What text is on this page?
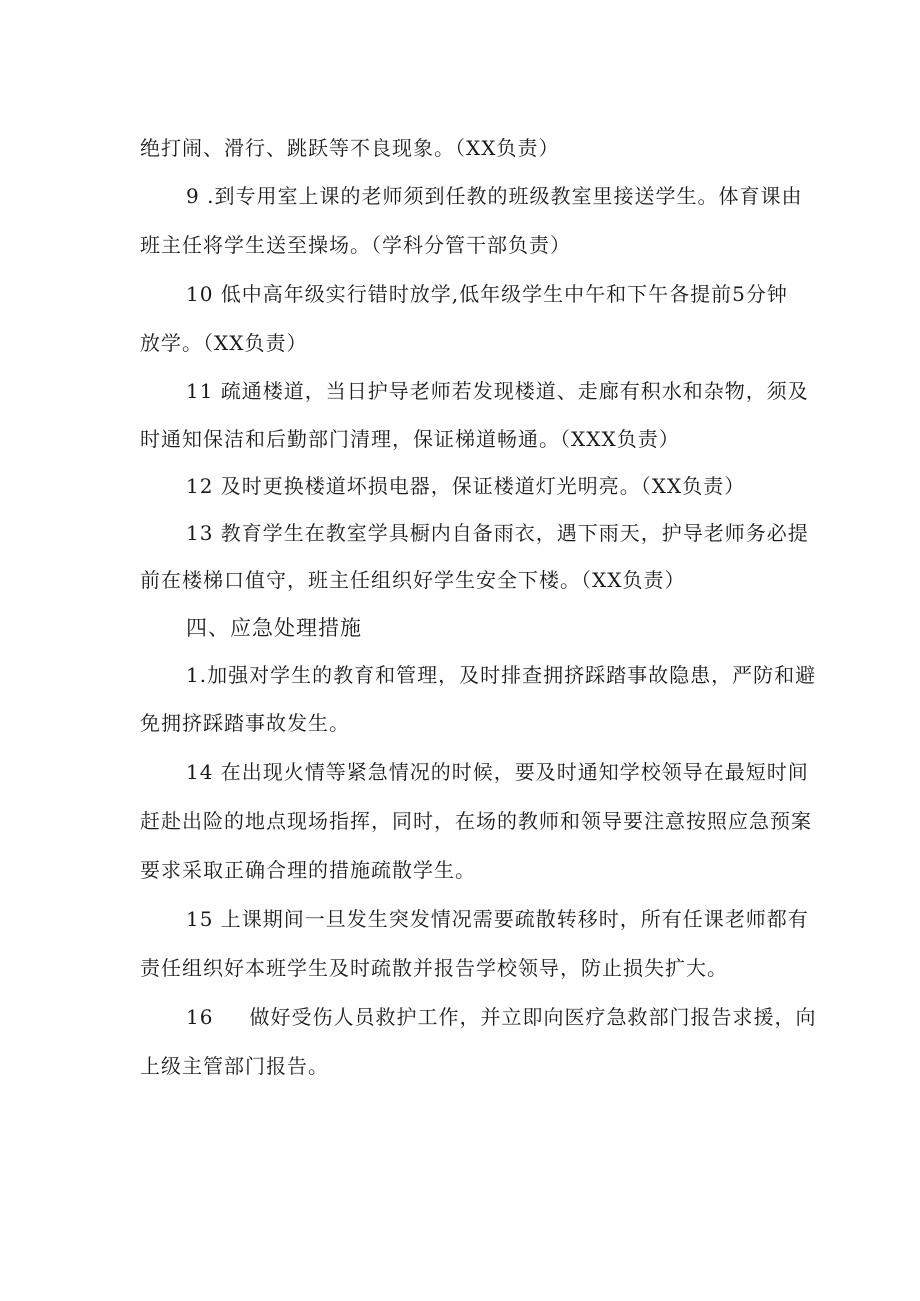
绝打闹、滑行、跳跃等不良现象。（XX负责）
9 .到专用室上课的老师须到任教的班级教室里接送学生。体育课由
班主任将学生送至操场。（学科分管干部负责）
10 低中高年级实行错时放学,低年级学生中午和下午各提前5分钟
放学。（XX负责）
11 疏通楼道，当日护导老师若发现楼道、走廊有积水和杂物，须及
时通知保洁和后勤部门清理，保证梯道畅通。（XXX负责）
12 及时更换楼道坏损电器，保证楼道灯光明亮。（XX负责）
13 教育学生在教室学具橱内自备雨衣，遇下雨天，护导老师务必提
前在楼梯口值守，班主任组织好学生安全下楼。（XX负责）
四、应急处理措施
1.加强对学生的教育和管理，及时排查拥挤踩踏事故隐患，严防和避
免拥挤踩踏事故发生。
14 在出现火情等紧急情况的时候，要及时通知学校领导在最短时间
赶赴出险的地点现场指挥，同时，在场的教师和领导要注意按照应急预案
要求采取正确合理的措施疏散学生。
15 上课期间一旦发生突发情况需要疏散转移时，所有任课老师都有
责任组织好本班学生及时疏散并报告学校领导，防止损失扩大。
16 做好受伤人员救护工作，并立即向医疗急救部门报告求援，向
上级主管部门报告。
